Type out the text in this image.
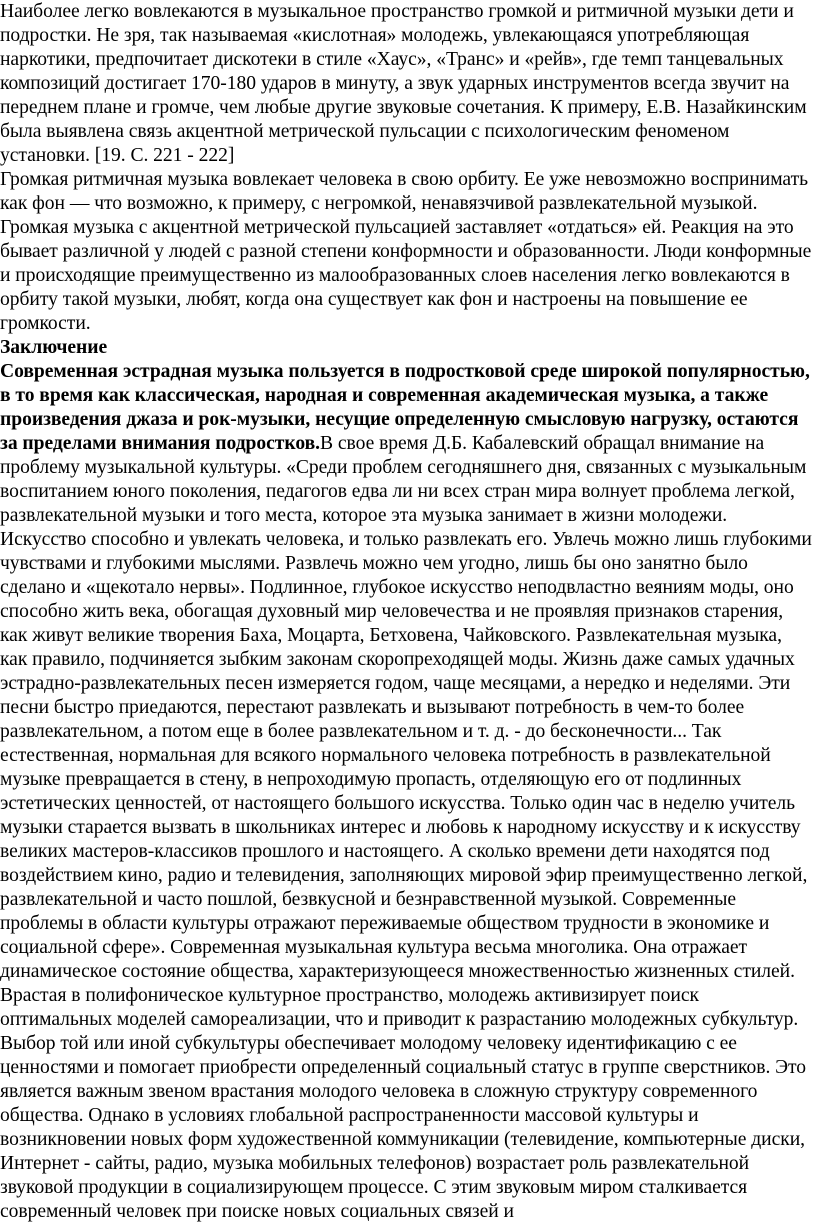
Наиболее легко вовлекаются в музыкальное пространство громкой и ритмичной музыки дети и подростки. Не зря, так называемая «кислотная» молодежь, увлекающаяся употребляющая наркотики, предпочитает дискотеки в стиле «Хаус», «Транс» и «рейв», где темп танцевальных композиций достигает 170-180 ударов в минуту, а звук ударных инструментов всегда звучит на переднем плане и громче, чем любые другие звуковые сочетания. К примеру, Е.В. Назайкинским была выявлена связь акцентной метрической пульсации с психологическим феноменом установки. [19. С. 221 - 222]

Громкая ритмичная музыка вовлекает человека в свою орбиту. Ее уже невозможно воспринимать как фон — что возможно, к примеру, с негромкой, ненавязчивой развлекательной музыкой. Громкая музыка с акцентной метрической пульсацией заставляет «отдаться» ей. Реакция на это бывает различной у людей с разной степени конформности и образованности. Люди конформные и происходящие преимущественно из малообразованных слоев населения легко вовлекаются в орбиту такой музыки, любят, когда она существует как фон и настроены на повышение ее громкости.

Заключение

Современная эстрадная музыка пользуется в подростковой среде широкой популярностью, в то время как классическая, народная и современная академическая музыка, а также произведения джаза и рок-музыки, несущие определенную смысловую нагрузку, остаются за пределами внимания подростков.В свое время Д.Б. Кабалевский обращал внимание на проблему музыкальной культуры. «Среди проблем сегодняшнего дня, связанных с музыкальным воспитанием юного поколения, педагогов едва ли ни всех стран мира волнует проблема легкой, развлекательной музыки и того места, которое эта музыка занимает в жизни молодежи. Искусство способно и увлекать человека, и только развлекать его. Увлечь можно лишь глубокими чувствами и глубокими мыслями. Развлечь можно чем угодно, лишь бы оно занятно было сделано и «щекотало нервы». Подлинное, глубокое искусство неподвластно веяниям моды, оно способно жить века, обогащая духовный мир человечества и не проявляя признаков старения, как живут великие творения Баха, Моцарта, Бетховена, Чайковского. Развлекательная музыка, как правило, подчиняется зыбким законам скоропреходящей моды. Жизнь даже самых удачных эстрадно-развлекательных песен измеряется годом, чаще месяцами, а нередко и неделями. Эти песни быстро приедаются, перестают развлекать и вызывают потребность в чем-то более развлекательном, а потом еще в более развлекательном и т. д. - до бесконечности... Так естественная, нормальная для всякого нормального человека потребность в развлекательной музыке превращается в стену, в непроходимую пропасть, отделяющую его от подлинных эстетических ценностей, от настоящего большого искусства. Только один час в неделю учитель музыки старается вызвать в школьниках интерес и любовь к народному искусству и к искусству великих мастеров-классиков прошлого и настоящего. А сколько времени дети находятся под воздействием кино, радио и телевидения, заполняющих мировой эфир преимущественно легкой, развлекательной и часто пошлой, безвкусной и безнравственной музыкой. Современные проблемы в области культуры отражают переживаемые обществом трудности в экономике и социальной сфере». Современная музыкальная культура весьма многолика. Она отражает динамическое состояние общества, характеризующееся множественностью жизненных стилей. Врастая в полифоническое культурное пространство, молодежь активизирует поиск оптимальных моделей самореализации, что и приводит к разрастанию молодежных субкультур. Выбор той или иной субкультуры обеспечивает молодому человеку идентификацию с ее ценностями и помогает приобрести определенный социальный статус в группе сверстников. Это является важным звеном врастания молодого человека в сложную структуру современного общества. Однако в условиях глобальной распространенности массовой культуры и возникновении новых форм художественной коммуникации (телевидение, компьютерные диски, Интернет - сайты, радио, музыка мобильных телефонов) возрастает роль развлекательной звуковой продукции в социализирующем процессе. С этим звуковым миром сталкивается современный человек при поиске новых социальных связей и
